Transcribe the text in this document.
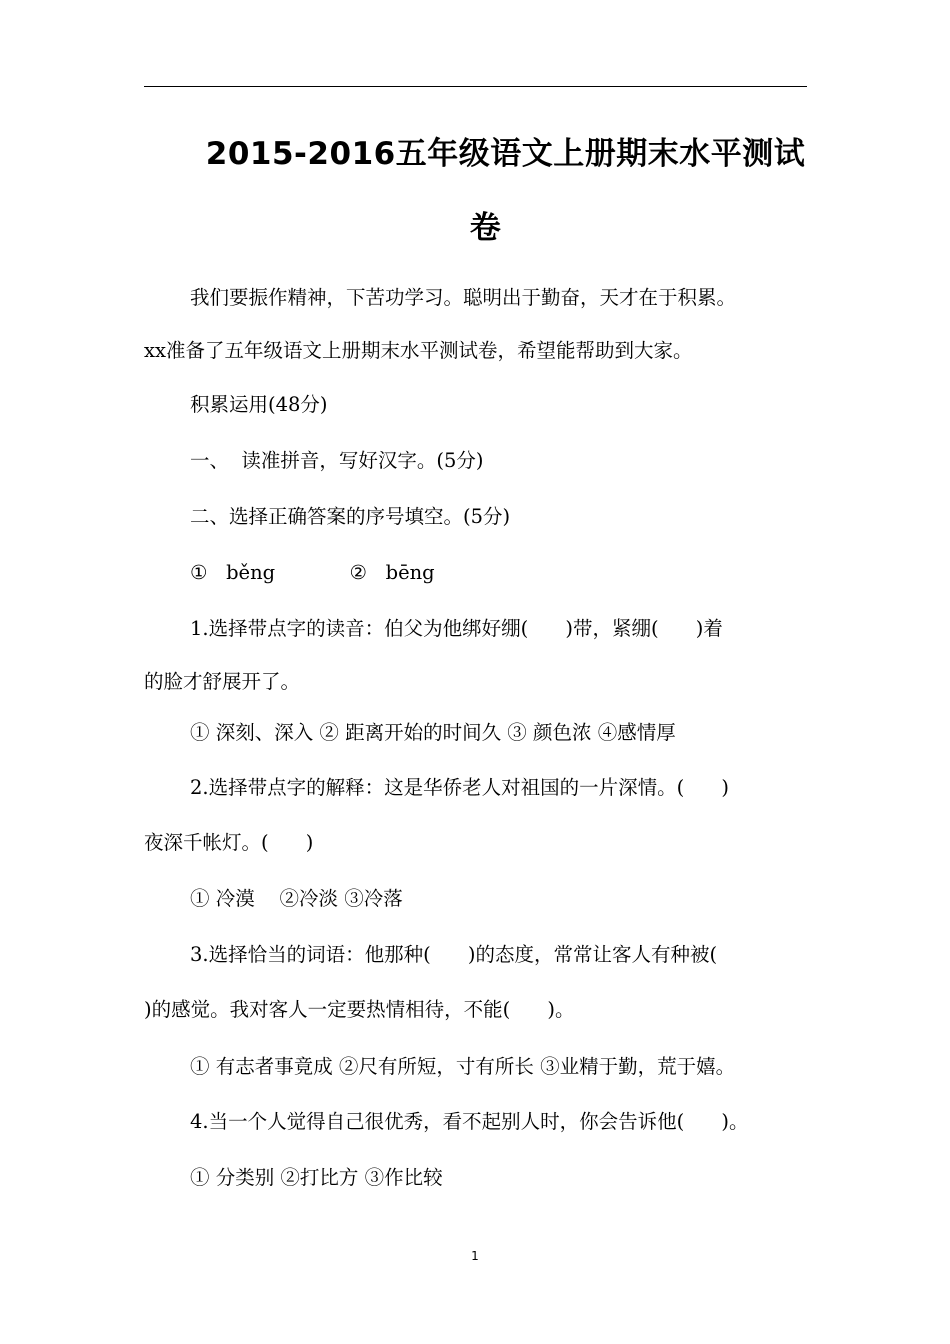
2015-2016五年级语文上册期末水平测试
卷
我们要振作精神，下苦功学习。聪明出于勤奋，天才在于积累。
xx准备了五年级语文上册期末水平测试卷，希望能帮助到大家。
积累运用(48分)
一、  读准拼音，写好汉字。(5分)
二、选择正确答案的序号填空。(5分)
①   běng            ②   bēng
1.选择带点字的读音：伯父为他绑好绷(      )带，紧绷(      )着
的脸才舒展开了。
① 深刻、深入 ② 距离开始的时间久 ③ 颜色浓 ④感情厚
2.选择带点字的解释：这是华侨老人对祖国的一片深情。(      )
夜深千帐灯。(      )
① 冷漠    ②冷淡 ③冷落
3.选择恰当的词语：他那种(      )的态度，常常让客人有种被(
)的感觉。我对客人一定要热情相待，不能(      )。
① 有志者事竟成 ②尺有所短，寸有所长 ③业精于勤，荒于嬉。
4.当一个人觉得自己很优秀，看不起别人时，你会告诉他(      )。
① 分类别 ②打比方 ③作比较
1
